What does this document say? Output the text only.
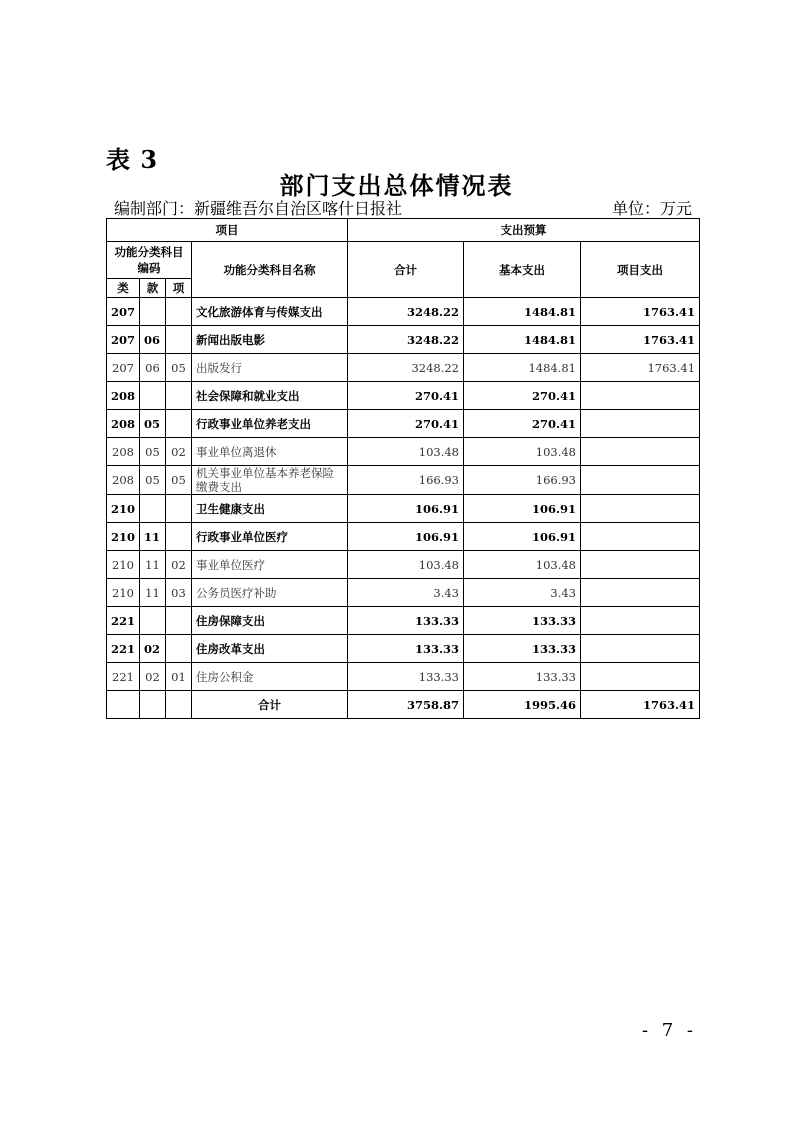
表 3
部门支出总体情况表
编制部门：新疆维吾尔自治区喀什日报社	单位：万元
项目				支出预算		
功能分类科目编码			功能分类科目名称	合计	基本支出	项目支出

类	款	项				
207			文化旅游体育与传媒支出	3248.22	1484.81	1763.41
207	06		新闻出版电影	3248.22	1484.81	1763.41
207	06	05	出版发行	3248.22	1484.81	1763.41
208			社会保障和就业支出	270.41	270.41	
208	05		行政事业单位养老支出	270.41	270.41	
208	05	02	事业单位离退休	103.48	103.48	
208	05	05	机关事业单位基本养老保险缴费支出	166.93	166.93	
210			卫生健康支出	106.91	106.91	
210	11		行政事业单位医疗	106.91	106.91	
210	11	02	事业单位医疗	103.48	103.48	
210	11	03	公务员医疗补助	3.43	3.43	
221			住房保障支出	133.33	133.33	
221	02		住房改革支出	133.33	133.33	
221	02	01	住房公积金	133.33	133.33	
			合计	3758.87	1995.46	1763.41
- 7 -
